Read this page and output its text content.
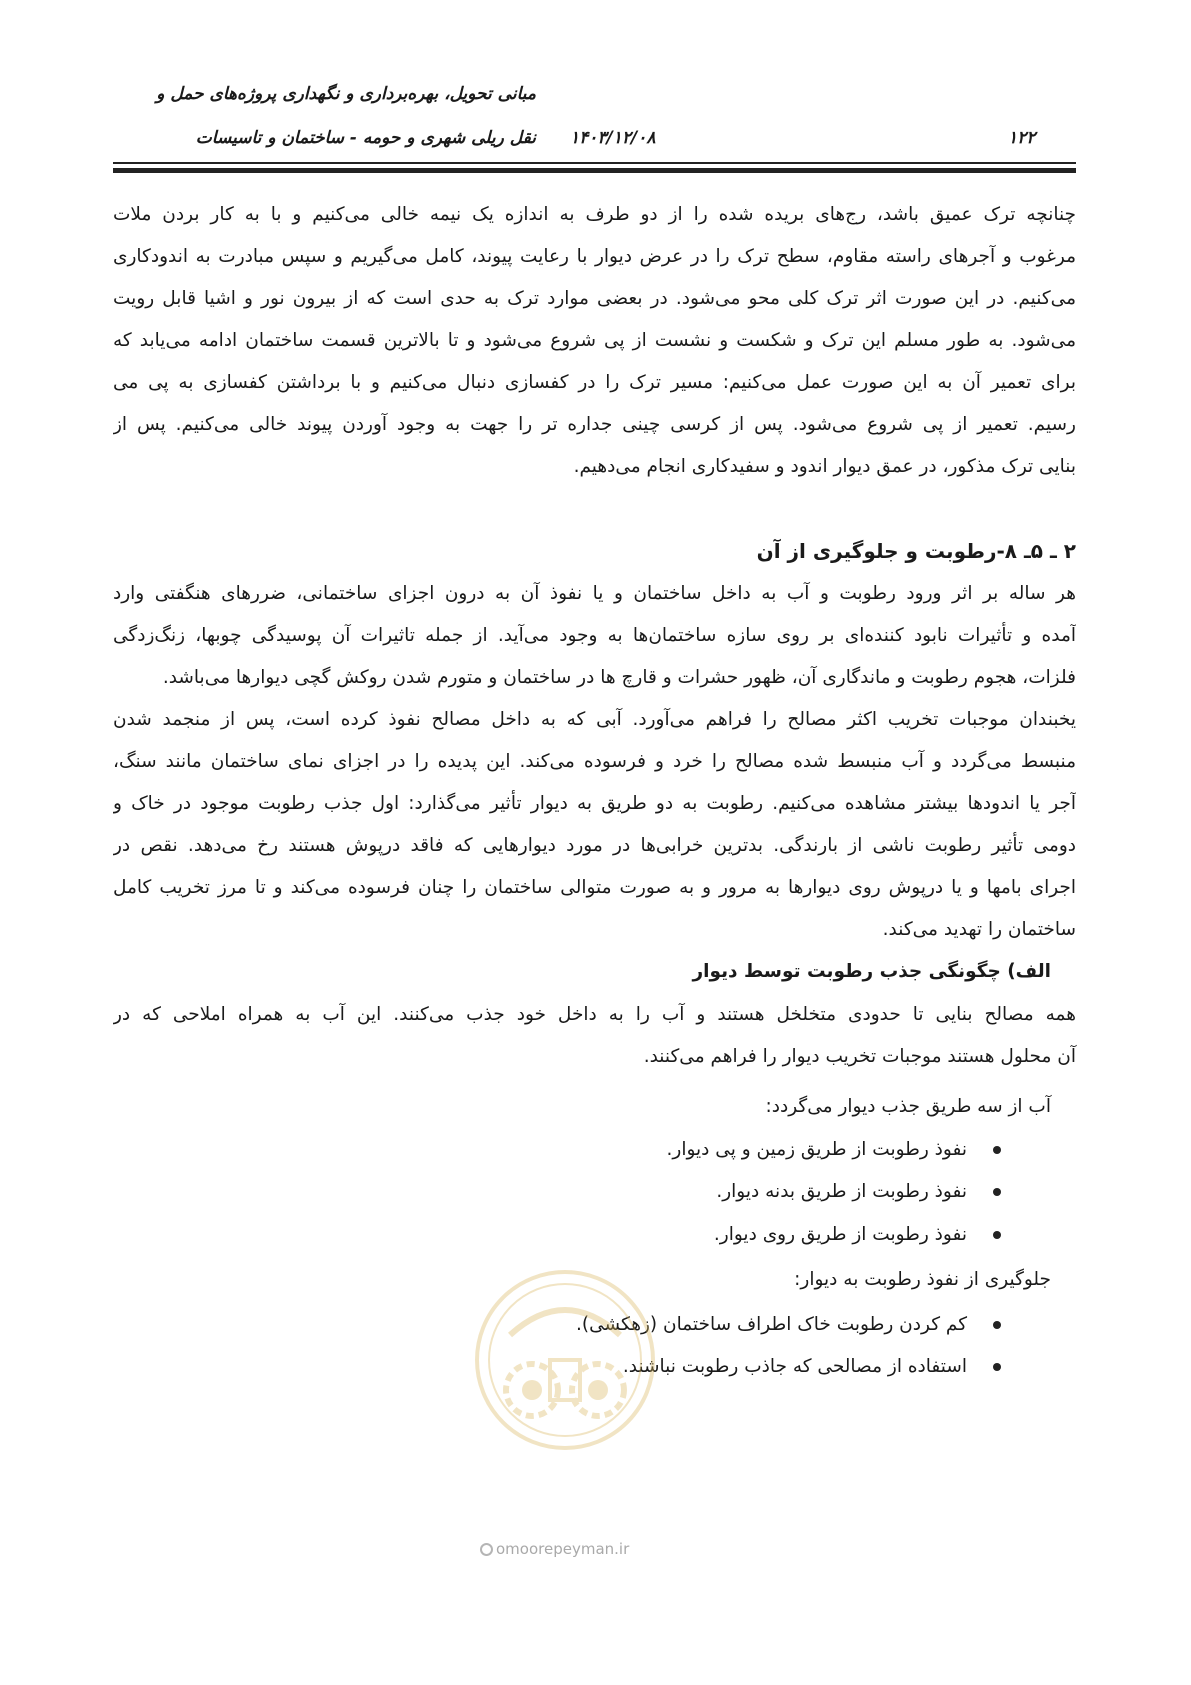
مبانی تحویل، بهره‌برداری و نگهداری پروژه‌های حمل و
نقل ریلی شهری و حومه - ساختمان و تاسیسات ۱۴۰۳/۱۲/۰۸	۱۲۲
چنانچه ترک عمیق باشد، رج‌های بریده شده را از دو طرف به اندازه یک نیمه خالی می‌کنیم و با به کار بردن ملات
مرغوب و آجرهای راسته مقاوم، سطح ترک را در عرض دیوار با رعایت پیوند، کامل می‌گیریم و سپس مبادرت به اندودکاری
می‌کنیم. در این صورت اثر ترک کلی محو می‌شود. در بعضی موارد ترک به حدی است که از بیرون نور و اشیا قابل رویت
می‌شود. به طور مسلم این ترک و شکست و نشست از پی شروع می‌شود و تا بالاترین قسمت ساختمان ادامه می‌یابد که
برای تعمیر آن به این صورت عمل می‌کنیم: مسیر ترک را در کفسازی دنبال می‌کنیم و با برداشتن کفسازی به پی می
رسیم. تعمیر از پی شروع می‌شود. پس از کرسی چینی جداره تر را جهت به وجود آوردن پیوند خالی می‌کنیم. پس از
بنایی ترک مذکور، در عمق دیوار اندود و سفیدکاری انجام می‌دهیم.
۲ ـ ۵ـ ۸-رطوبت و جلوگیری از آن
هر ساله بر اثر ورود رطوبت و آب به داخل ساختمان و یا نفوذ آن به درون اجزای ساختمانی، ضررهای هنگفتی وارد
آمده و تأثیرات نابود کننده‌ای بر روی سازه ساختمان‌ها به وجود می‌آید. از جمله تاثیرات آن پوسیدگی چوبها، زنگ‌زدگی
فلزات، هجوم رطوبت و ماندگاری آن، ظهور حشرات و قارچ ها در ساختمان و متورم شدن روکش گچی دیوارها می‌باشد.
یخبندان موجبات تخریب اکثر مصالح را فراهم می‌آورد. آبی که به داخل مصالح نفوذ کرده است، پس از منجمد شدن
منبسط می‌گردد و آب منبسط شده مصالح را خرد و فرسوده می‌کند. این پدیده را در اجزای نمای ساختمان مانند سنگ،
آجر یا اندودها بیشتر مشاهده می‌کنیم. رطوبت به دو طریق به دیوار تأثیر می‌گذارد: اول جذب رطوبت موجود در خاک و
دومی تأثیر رطوبت ناشی از بارندگی. بدترین خرابی‌ها در مورد دیوارهایی که فاقد درپوش هستند رخ می‌دهد. نقص در
اجرای بامها و یا درپوش روی دیوارها به مرور و به صورت متوالی ساختمان را چنان فرسوده می‌کند و تا مرز تخریب کامل
ساختمان را تهدید می‌کند.
الف) چگونگی جذب رطوبت توسط دیوار
همه مصالح بنایی تا حدودی متخلخل هستند و آب را به داخل خود جذب می‌کنند. این آب به همراه املاحی که در
آن محلول هستند موجبات تخریب دیوار را فراهم می‌کنند.
آب از سه طریق جذب دیوار می‌گردد:
نفوذ رطوبت از طریق زمین و پی دیوار.
نفوذ رطوبت از طریق بدنه دیوار.
نفوذ رطوبت از طریق روی دیوار.
جلوگیری از نفوذ رطوبت به دیوار:
کم کردن رطوبت خاک اطراف ساختمان (زهکشی).
استفاده از مصالحی که جاذب رطوبت نباشند.
omoorepeyman.ir
